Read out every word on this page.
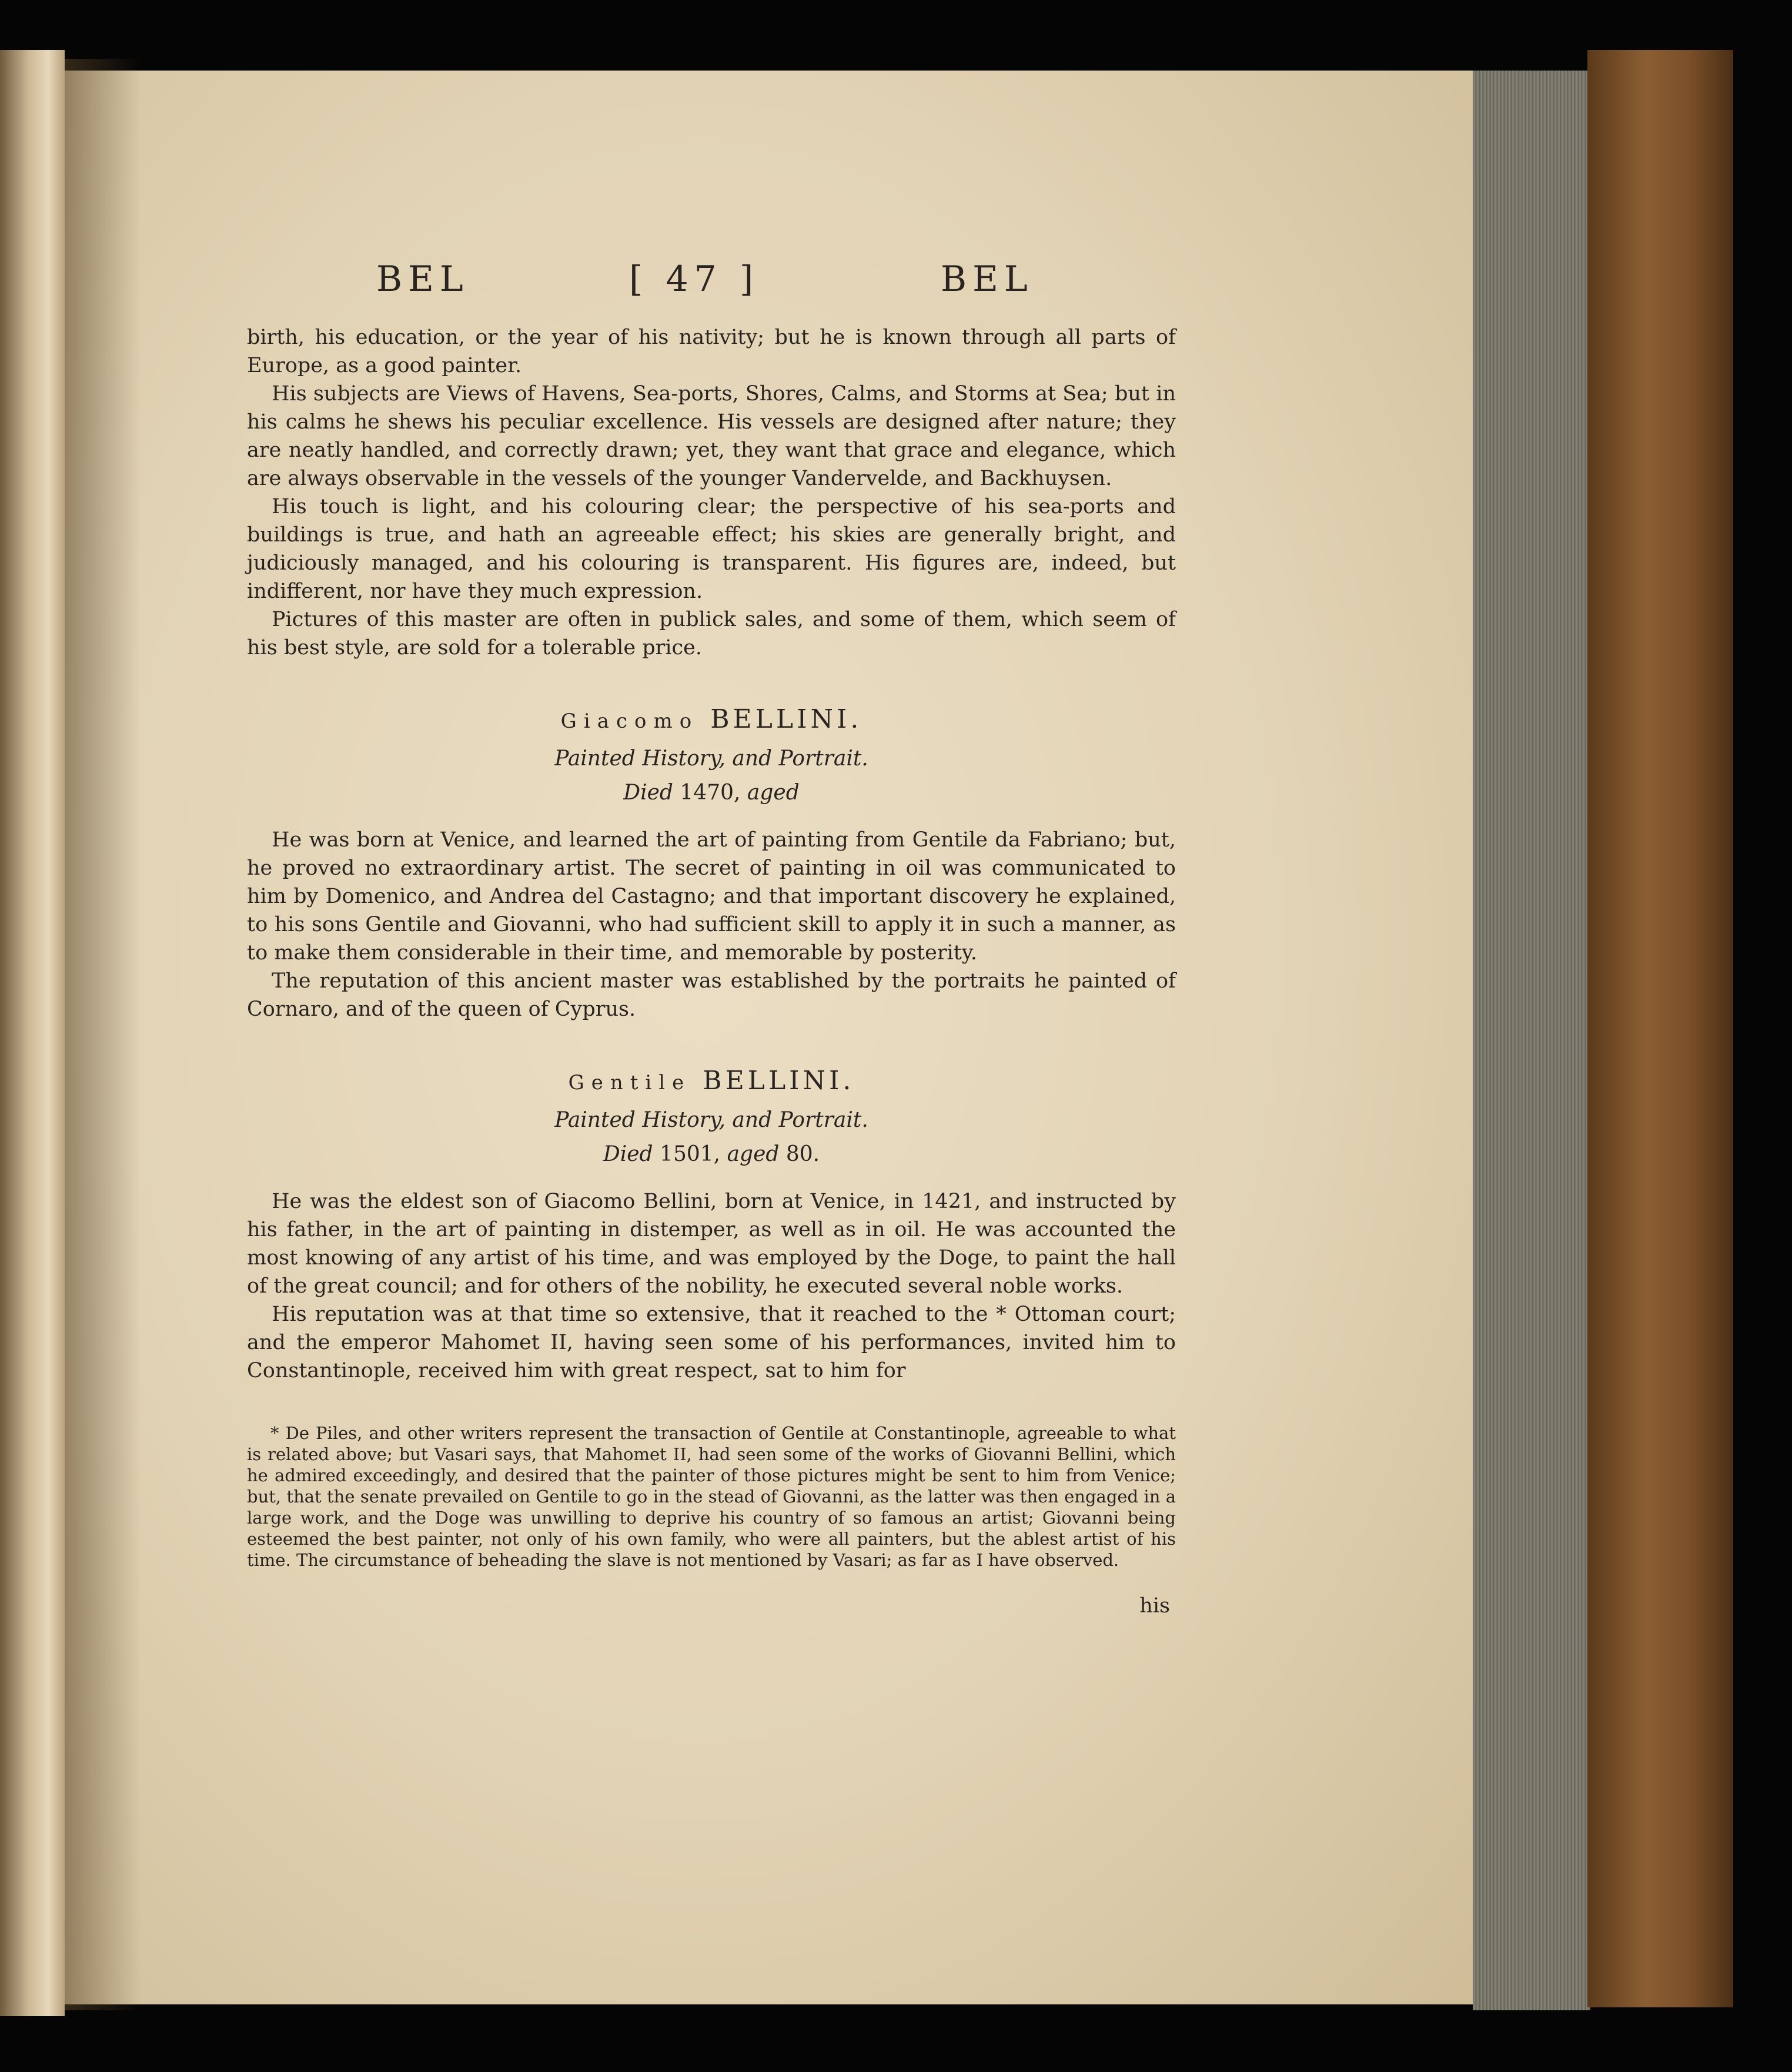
BEL	[ 47 ]	BEL

birth, his education, or the year of his nativity; but he is known through all parts of Europe, as a good painter.

His subjects are Views of Havens, Sea-ports, Shores, Calms, and Storms at Sea; but in his calms he shews his peculiar excellence. His vessels are designed after nature; they are neatly handled, and correctly drawn; yet, they want that grace and elegance, which are always observable in the vessels of the younger Vandervelde, and Backhuysen.

His touch is light, and his colouring clear; the perspective of his sea-ports and buildings is true, and hath an agreeable effect; his skies are generally bright, and judiciously managed, and his colouring is transparent. His figures are, indeed, but indifferent, nor have they much expression.

Pictures of this master are often in publick sales, and some of them, which seem of his best style, are sold for a tolerable price.

Giacomo BELLINI.
Painted History, and Portrait.
Died 1470, aged

He was born at Venice, and learned the art of painting from Gentile da Fabriano; but, he proved no extraordinary artist. The secret of painting in oil was communicated to him by Domenico, and Andrea del Castagno; and that important discovery he explained, to his sons Gentile and Giovanni, who had sufficient skill to apply it in such a manner, as to make them considerable in their time, and memorable by posterity.

The reputation of this ancient master was established by the portraits he painted of Cornaro, and of the queen of Cyprus.

Gentile BELLINI.
Painted History, and Portrait.
Died 1501, aged 80.

He was the eldest son of Giacomo Bellini, born at Venice, in 1421, and instructed by his father, in the art of painting in distemper, as well as in oil. He was accounted the most knowing of any artist of his time, and was employed by the Doge, to paint the hall of the great council; and for others of the nobility, he executed several noble works.

His reputation was at that time so extensive, that it reached to the * Ottoman court; and the emperor Mahomet II, having seen some of his performances, invited him to Constantinople, received him with great respect, sat to him for

* De Piles, and other writers represent the transaction of Gentile at Constantinople, agreeable to what is related above; but Vasari says, that Mahomet II, had seen some of the works of Giovanni Bellini, which he admired exceedingly, and desired that the painter of those pictures might be sent to him from Venice; but, that the senate prevailed on Gentile to go in the stead of Giovanni, as the latter was then engaged in a large work, and the Doge was unwilling to deprive his country of so famous an artist; Giovanni being esteemed the best painter, not only of his own family, who were all painters, but the ablest artist of his time. The circumstance of beheading the slave is not mentioned by Vasari; as far as I have observed.
his
